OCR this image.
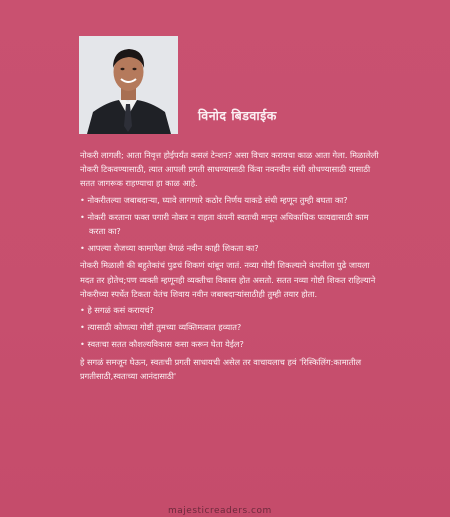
विनोद बिडवाईक

नोकरी लागली; आता निवृत्त होईपर्यंत कसलं टेन्शन? असा विचार करायचा काळ आता गेला. मिळालेली नोकरी टिकवण्यासाठी, त्यात आपली प्रगती साधण्यासाठी किंवा नवनवीन संधी शोधण्यासाठी यासाठी सतत जागरूक राहण्याचा हा काळ आहे.

• नोकरीतल्या जबाबदाऱ्या, घ्यावे लागणारे कठोर निर्णय याकडे संधी म्हणून तुम्ही बघता का?

• नोकरी करताना फक्त पगारी नोकर न राहता कंपनी स्वतःची मानून अधिकाधिक फायद्यासाठी काम करता का?

• आपल्या रोजच्या कामापेक्षा वेगळं नवीन काही शिकता का?

नोकरी मिळाली की बहुतेकांचं पुढचं शिकणं थांबून जातं. नव्या गोष्टी शिकल्याने कंपनीला पुढे जायला मदत तर होतेच;पण व्यक्ती म्हणूनही व्यक्तीचा विकास होत असतो. सतत नव्या गोष्टी शिकत राहिल्याने नोकरीच्या स्पर्धेत टिकता येतंच शिवाय नवीन जबाबदाऱ्यांसाठीही तुम्ही तयार होता.

• हे सगळं कसं करायचं?

• त्यासाठी कोणत्या गोष्टी तुमच्या व्यक्तिमत्वात हव्यात?

• स्वतःचा सतत कौशल्यविकास कसा करून घेता येईल?

हे सगळं समजून घेऊन, स्वतःची प्रगती साधायची असेल तर वाचायलाच हवं 'रिस्किलिंग:कामातील प्रगतीसाठी,स्वतःच्या आनंदासाठी'

majesticreaders.com
